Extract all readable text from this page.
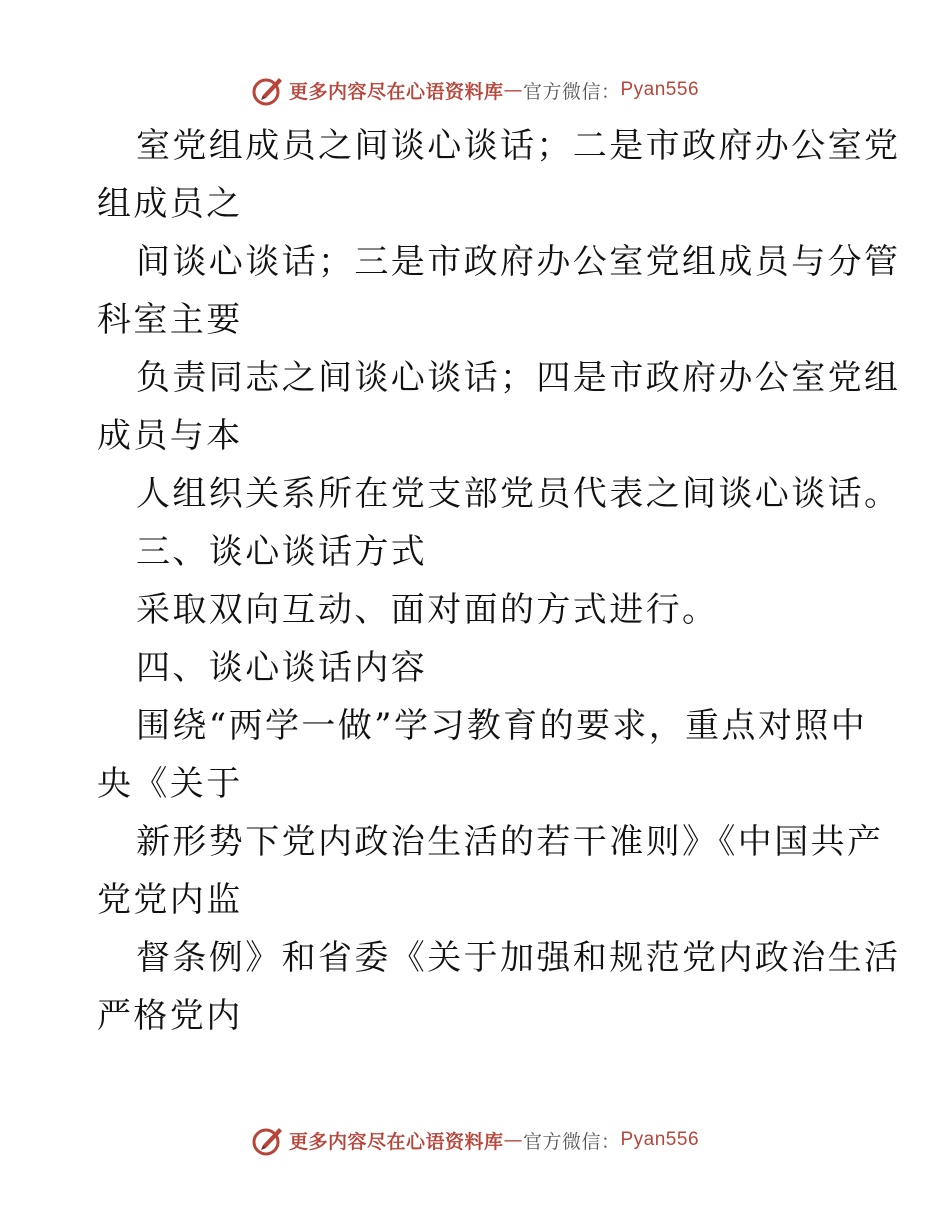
更多内容尽在心语资料库 — 官方微信： Pyan556
室党组成员之间谈心谈话；二是市政府办公室党
组成员之
间谈心谈话；三是市政府办公室党组成员与分管
科室主要
负责同志之间谈心谈话；四是市政府办公室党组
成员与本
人组织关系所在党支部党员代表之间谈心谈话。
三、谈心谈话方式
采取双向互动、面对面的方式进行。
四、谈心谈话内容
围绕“两学一做”学习教育的要求，重点对照中
央《关于
新形势下党内政治生活的若干准则》《中国共产
党党内监
督条例》和省委《关于加强和规范党内政治生活
严格党内
更多内容尽在心语资料库 — 官方微信： Pyan556
